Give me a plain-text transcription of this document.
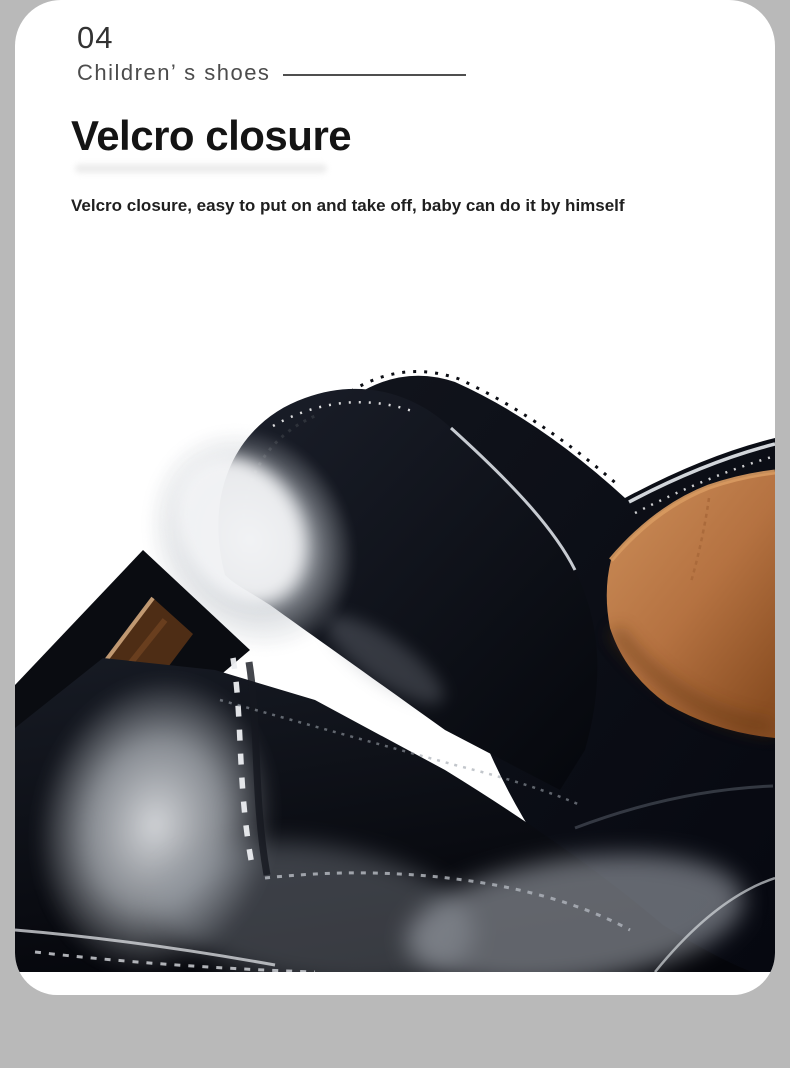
04
Children’ s shoes
Velcro closure
Velcro closure, easy to put on and take off, baby can do it by himself
